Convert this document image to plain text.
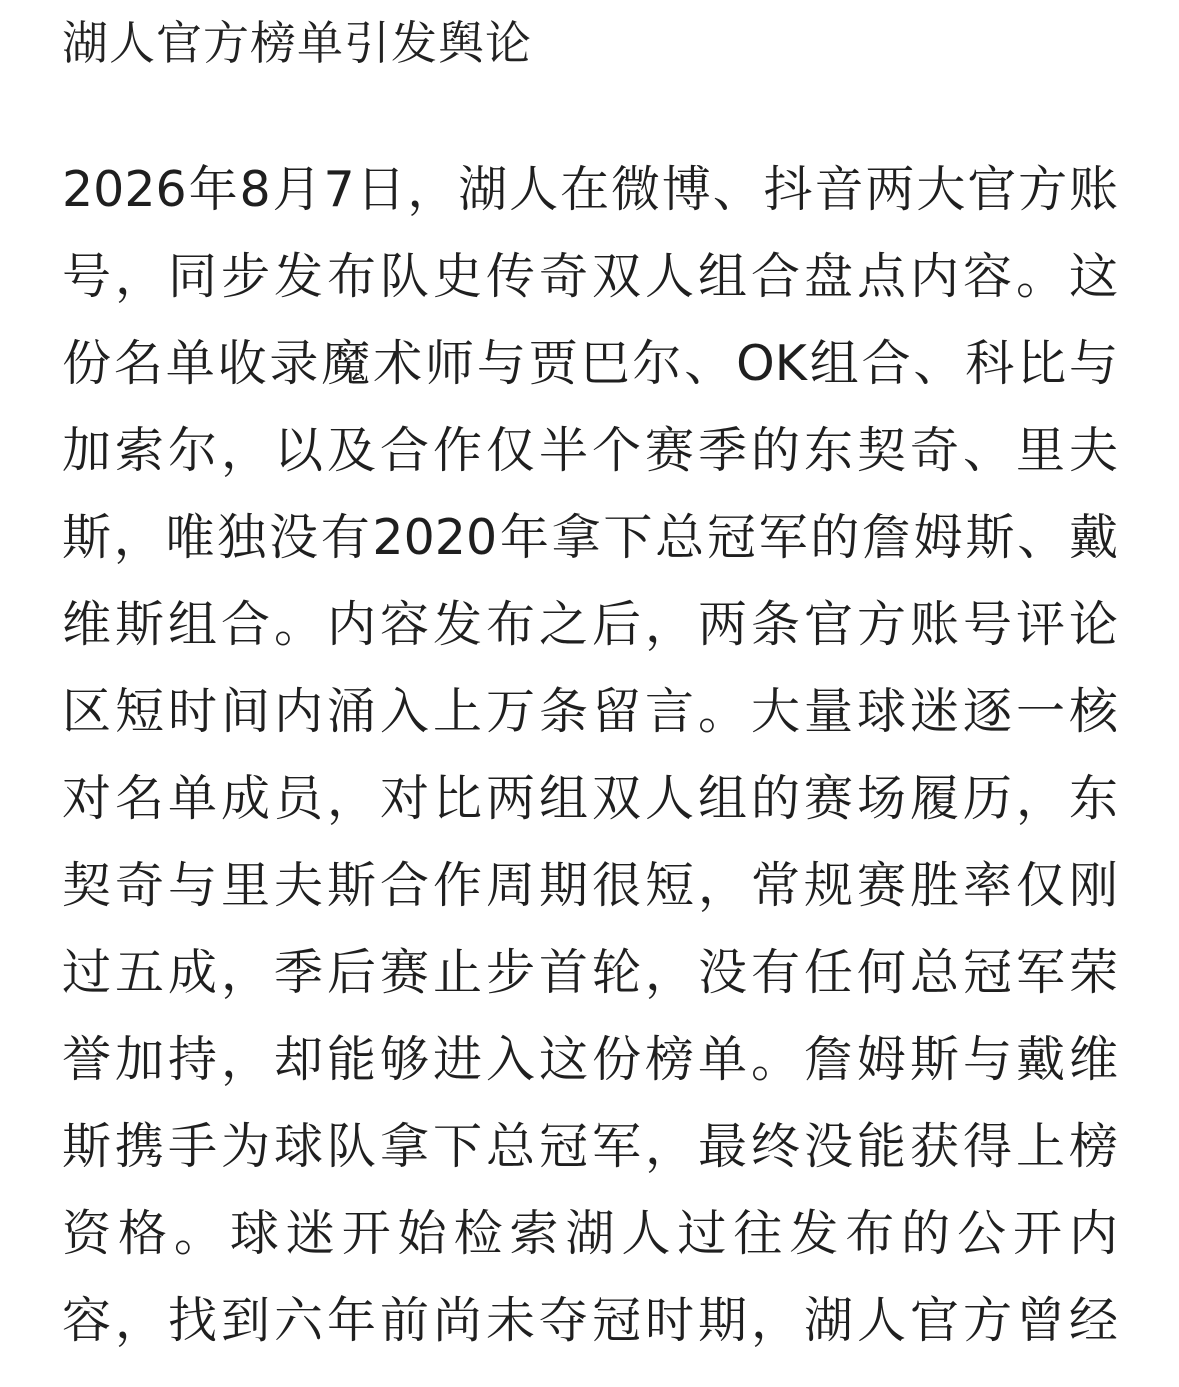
湖人官方榜单引发舆论
2026年8月7日，湖人在微博、抖音两大官方账
号，同步发布队史传奇双人组合盘点内容。这
份名单收录魔术师与贾巴尔、OK组合、科比与
加索尔，以及合作仅半个赛季的东契奇、里夫
斯，唯独没有2020年拿下总冠军的詹姆斯、戴
维斯组合。内容发布之后，两条官方账号评论
区短时间内涌入上万条留言。大量球迷逐一核
对名单成员，对比两组双人组的赛场履历，东
契奇与里夫斯合作周期很短，常规赛胜率仅刚
过五成，季后赛止步首轮，没有任何总冠军荣
誉加持，却能够进入这份榜单。詹姆斯与戴维
斯携手为球队拿下总冠军，最终没能获得上榜
资格。球迷开始检索湖人过往发布的公开内
容，找到六年前尚未夺冠时期，湖人官方曾经
